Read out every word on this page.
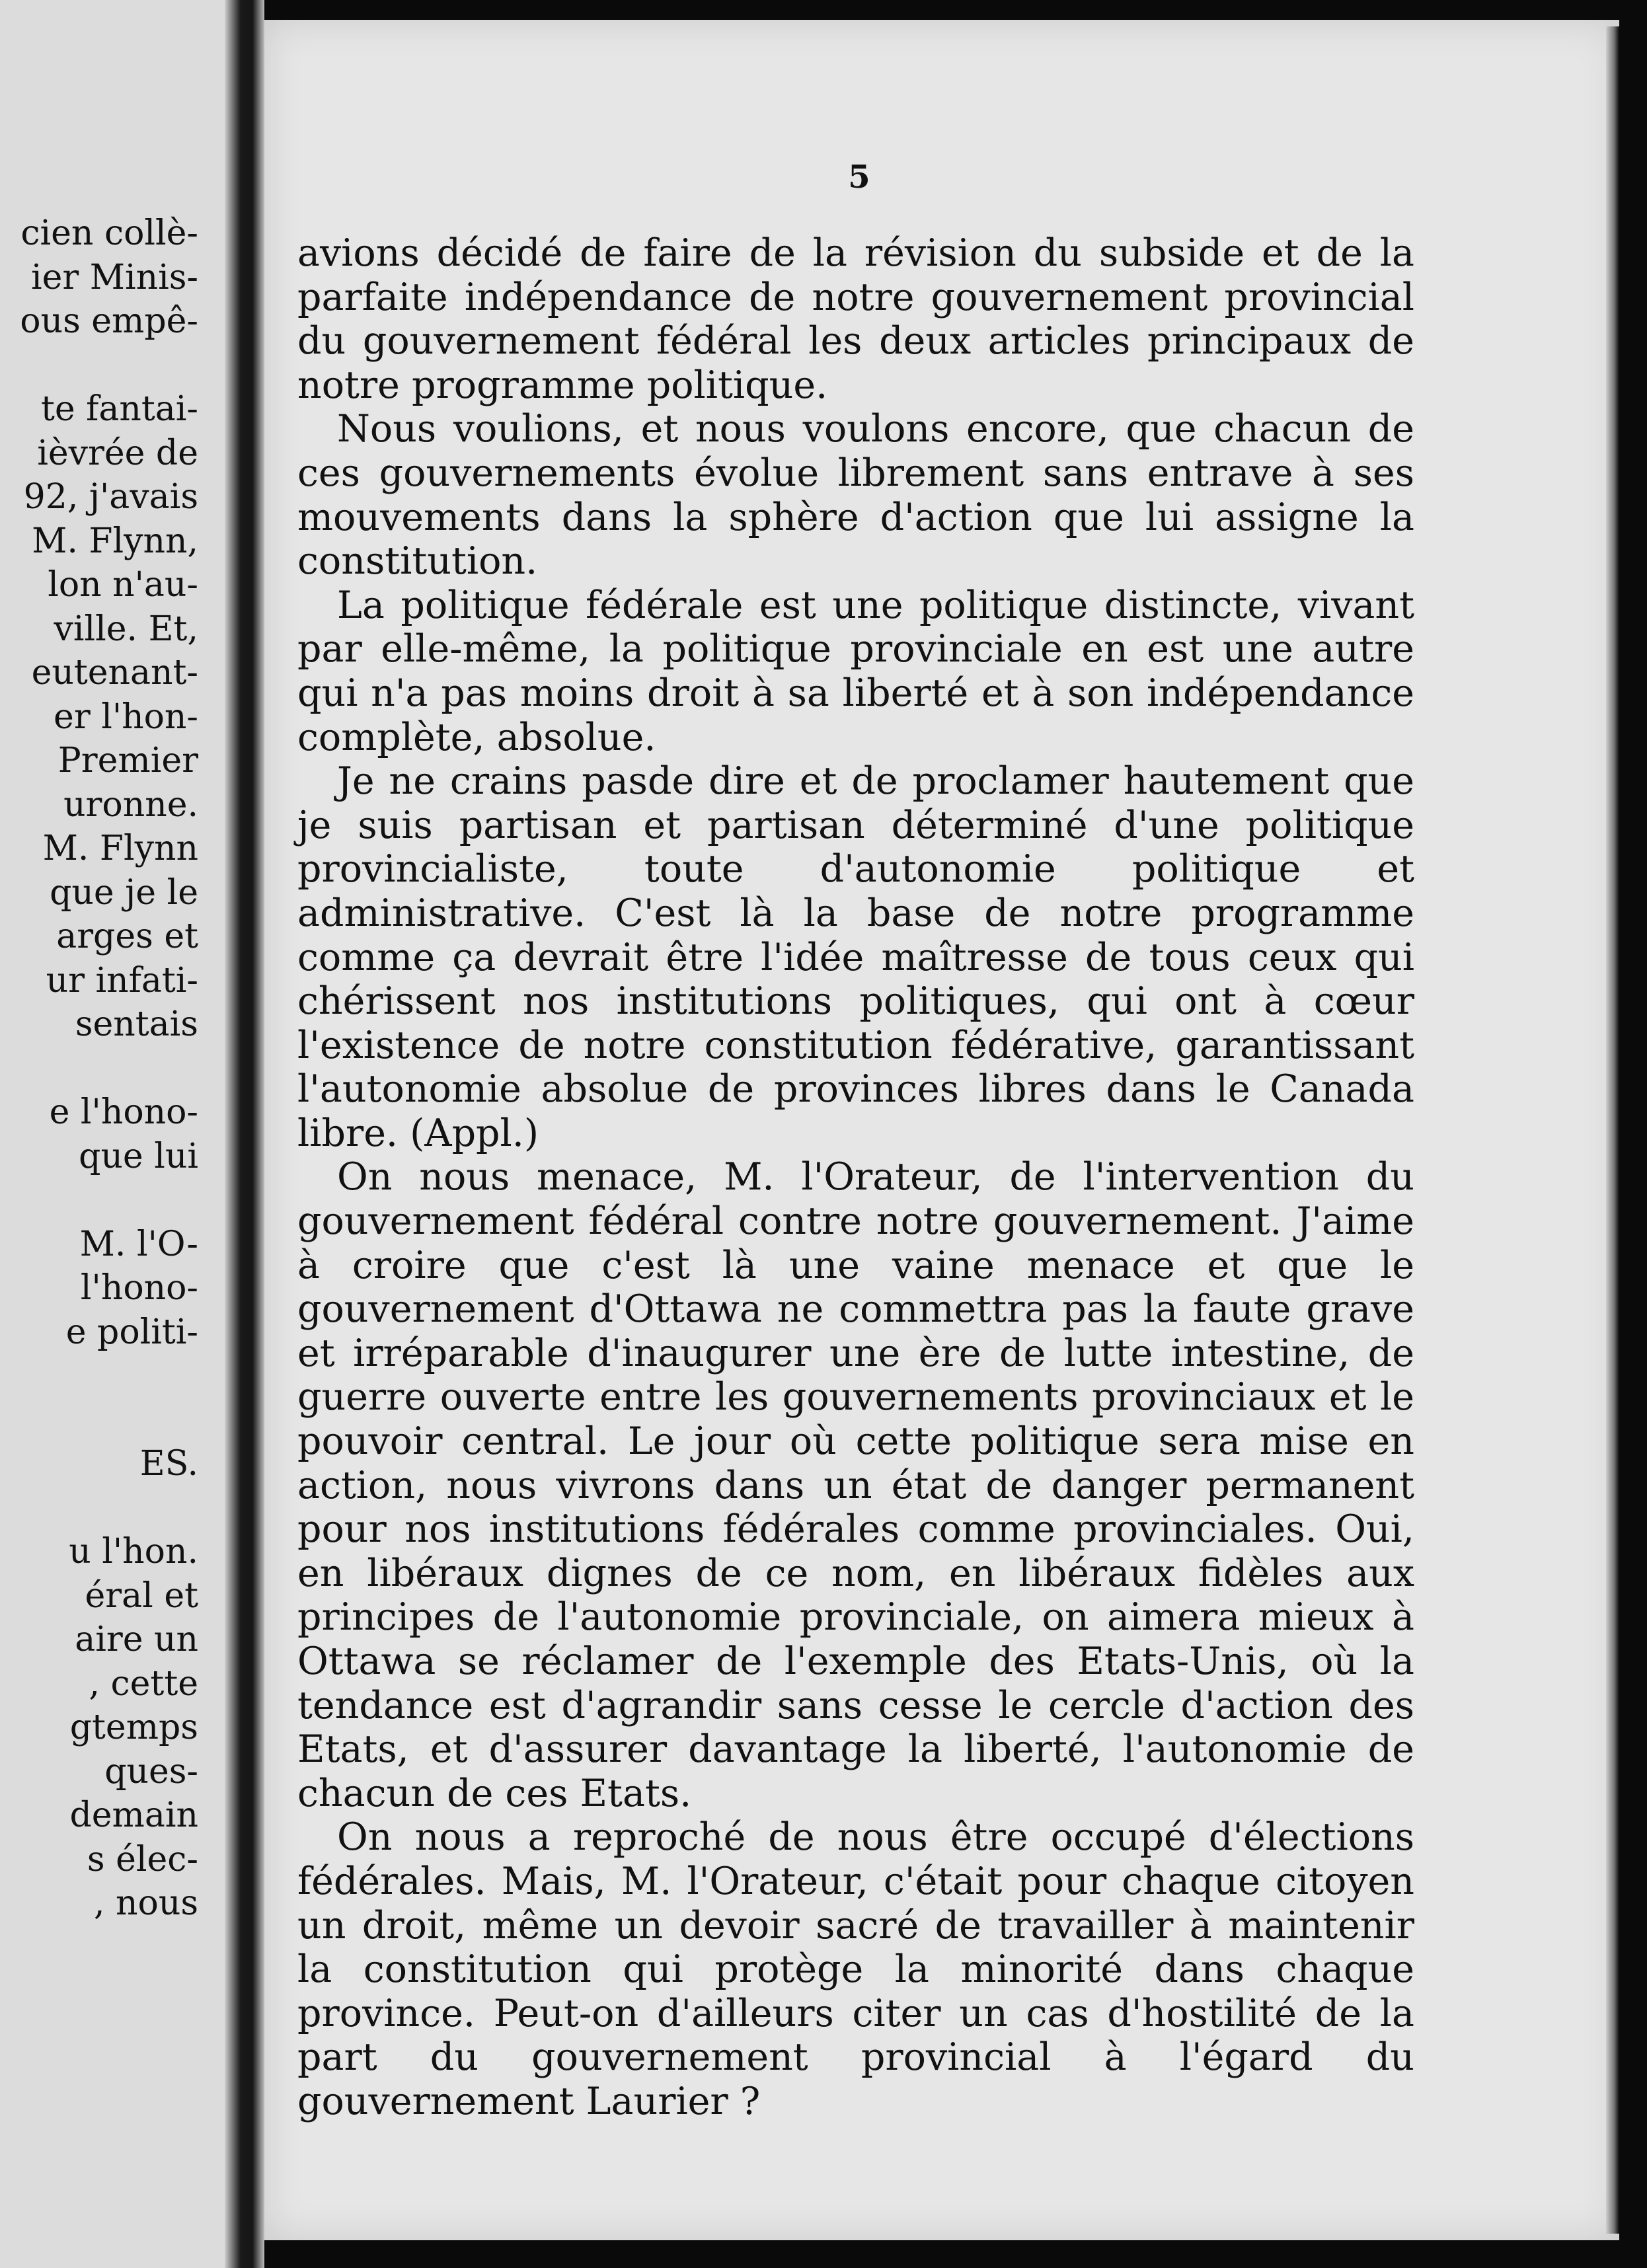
cien collè-
ier Minis-
ous empê-
te fantai-
ièvrée de
92, j'avais
M. Flynn,
lon n'au-
ville. Et,
eutenant-
er l'hon-
Premier
uronne.
M. Flynn
que je le
arges et
ur infati-
sentais
e l'hono-
que lui
M. l'O-
l'hono-
e politi-
ES.
u l'hon.
éral et
aire un
, cette
gtemps
ques-
demain
s élec-
, nous
5

avions décidé de faire de la révision du subside et de la parfaite indépendance de notre gouvernement provincial du gouvernement fédéral les deux articles principaux de notre programme politique.

Nous voulions, et nous voulons encore, que chacun de ces gouvernements évolue librement sans entrave à ses mouvements dans la sphère d'action que lui assigne la constitution.

La politique fédérale est une politique distincte, vivant par elle-même, la politique provinciale en est une autre qui n'a pas moins droit à sa liberté et à son indépendance complète, absolue.

Je ne crains pasde dire et de proclamer hautement que je suis partisan et partisan déterminé d'une politique provincialiste, toute d'autonomie politique et administrative. C'est là la base de notre programme comme ça devrait être l'idée maîtresse de tous ceux qui chérissent nos institutions politiques, qui ont à cœur l'existence de notre constitution fédérative, garantissant l'autonomie absolue de provinces libres dans le Canada libre. (Appl.)

On nous menace, M. l'Orateur, de l'intervention du gouvernement fédéral contre notre gouvernement. J'aime à croire que c'est là une vaine menace et que le gouvernement d'Ottawa ne commettra pas la faute grave et irréparable d'inaugurer une ère de lutte intestine, de guerre ouverte entre les gouvernements provinciaux et le pouvoir central. Le jour où cette politique sera mise en action, nous vivrons dans un état de danger permanent pour nos institutions fédérales comme provinciales. Oui, en libéraux dignes de ce nom, en libéraux fidèles aux principes de l'autonomie provinciale, on aimera mieux à Ottawa se réclamer de l'exemple des Etats-Unis, où la tendance est d'agrandir sans cesse le cercle d'action des Etats, et d'assurer davantage la liberté, l'autonomie de chacun de ces Etats.

On nous a reproché de nous être occupé d'élections fédérales. Mais, M. l'Orateur, c'était pour chaque citoyen un droit, même un devoir sacré de travailler à maintenir la constitution qui protège la minorité dans chaque province. Peut-on d'ailleurs citer un cas d'hostilité de la part du gouvernement provincial à l'égard du gouvernement Laurier ?
